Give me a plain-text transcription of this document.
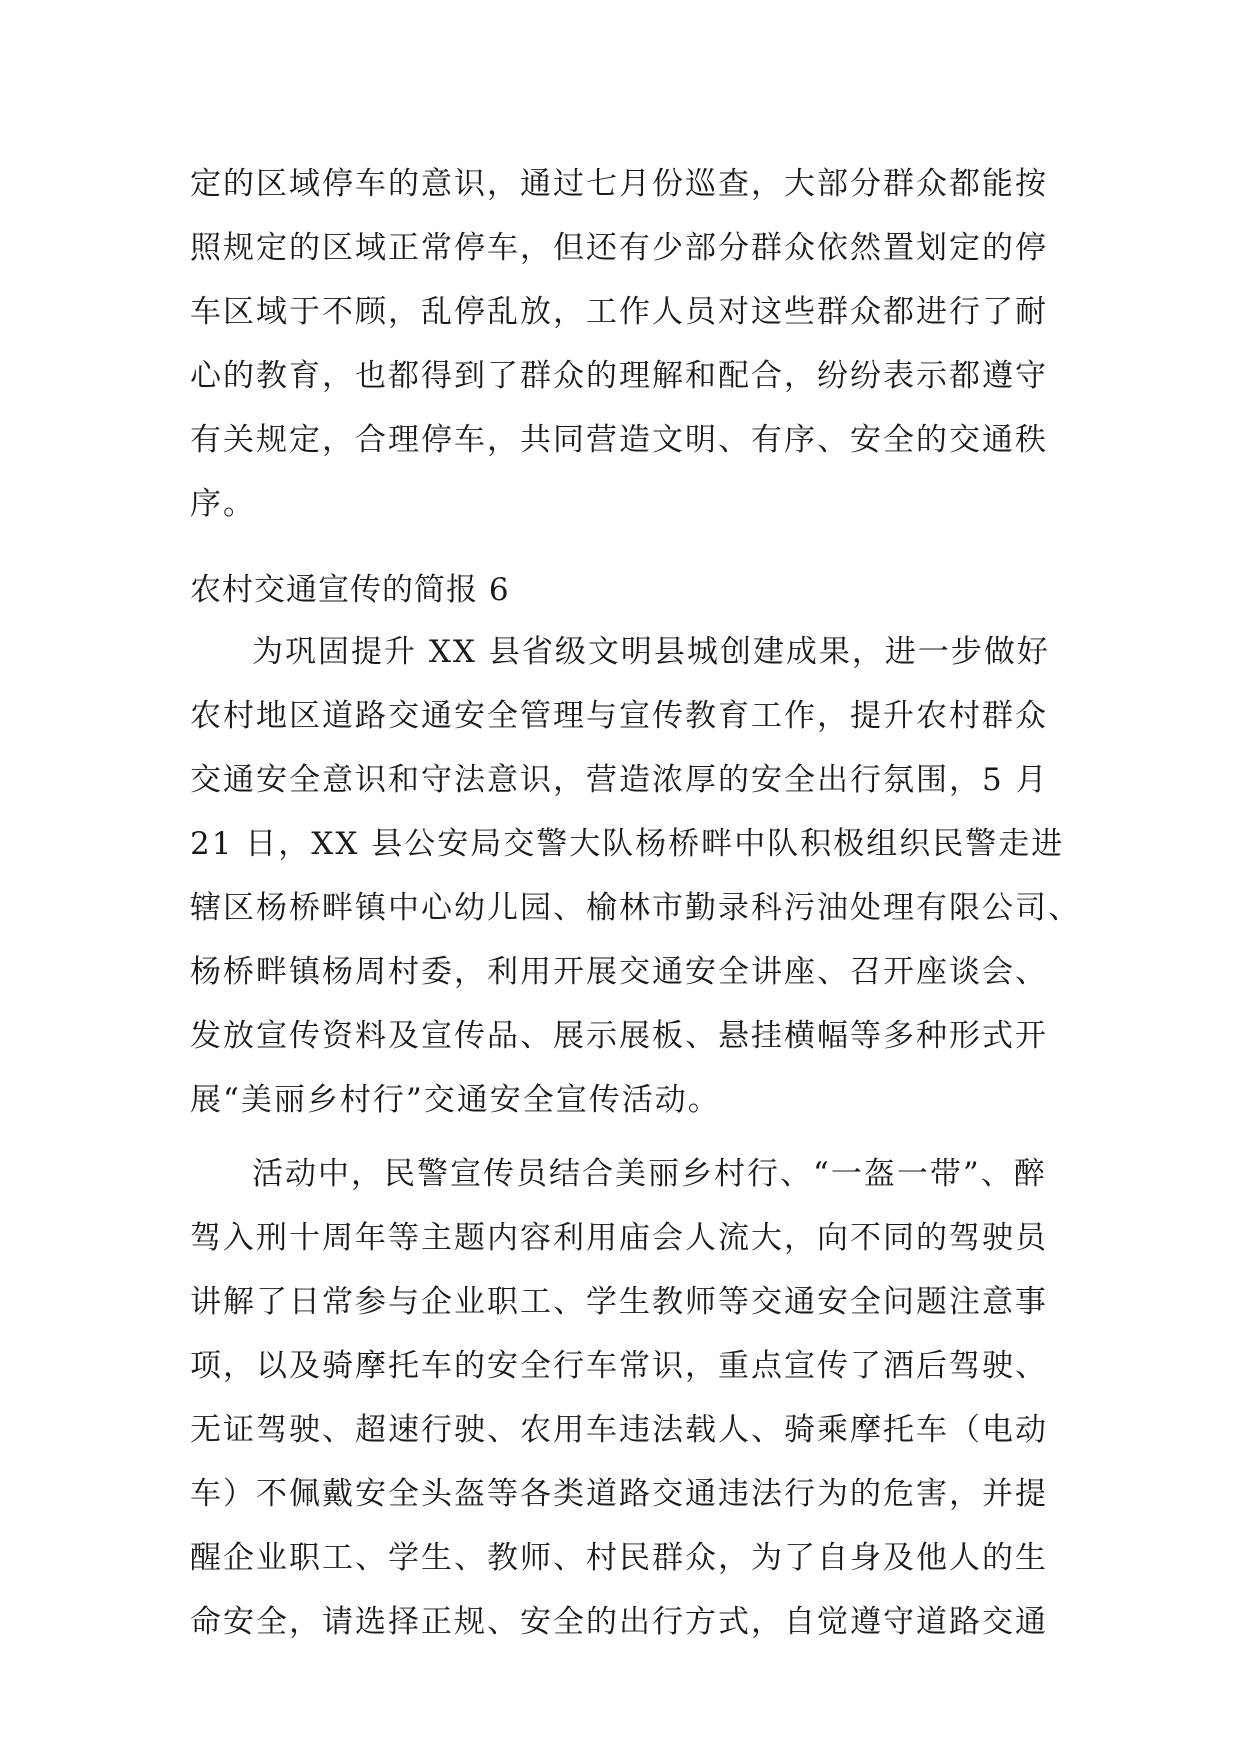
定的区域停车的意识，通过七月份巡查，大部分群众都能按
照规定的区域正常停车，但还有少部分群众依然置划定的停
车区域于不顾，乱停乱放，工作人员对这些群众都进行了耐
心的教育，也都得到了群众的理解和配合，纷纷表示都遵守
有关规定，合理停车，共同营造文明、有序、安全的交通秩
序。
农村交通宣传的简报 6
为巩固提升 XX 县省级文明县城创建成果，进一步做好
农村地区道路交通安全管理与宣传教育工作，提升农村群众
交通安全意识和守法意识，营造浓厚的安全出行氛围，5 月
21 日，XX 县公安局交警大队杨桥畔中队积极组织民警走进
辖区杨桥畔镇中心幼儿园、榆林市勤录科污油处理有限公司、
杨桥畔镇杨周村委，利用开展交通安全讲座、召开座谈会、
发放宣传资料及宣传品、展示展板、悬挂横幅等多种形式开
展“美丽乡村行”交通安全宣传活动。
活动中，民警宣传员结合美丽乡村行、“一盔一带”、醉
驾入刑十周年等主题内容利用庙会人流大，向不同的驾驶员
讲解了日常参与企业职工、学生教师等交通安全问题注意事
项，以及骑摩托车的安全行车常识，重点宣传了酒后驾驶、
无证驾驶、超速行驶、农用车违法载人、骑乘摩托车（电动
车）不佩戴安全头盔等各类道路交通违法行为的危害，并提
醒企业职工、学生、教师、村民群众，为了自身及他人的生
命安全，请选择正规、安全的出行方式，自觉遵守道路交通
